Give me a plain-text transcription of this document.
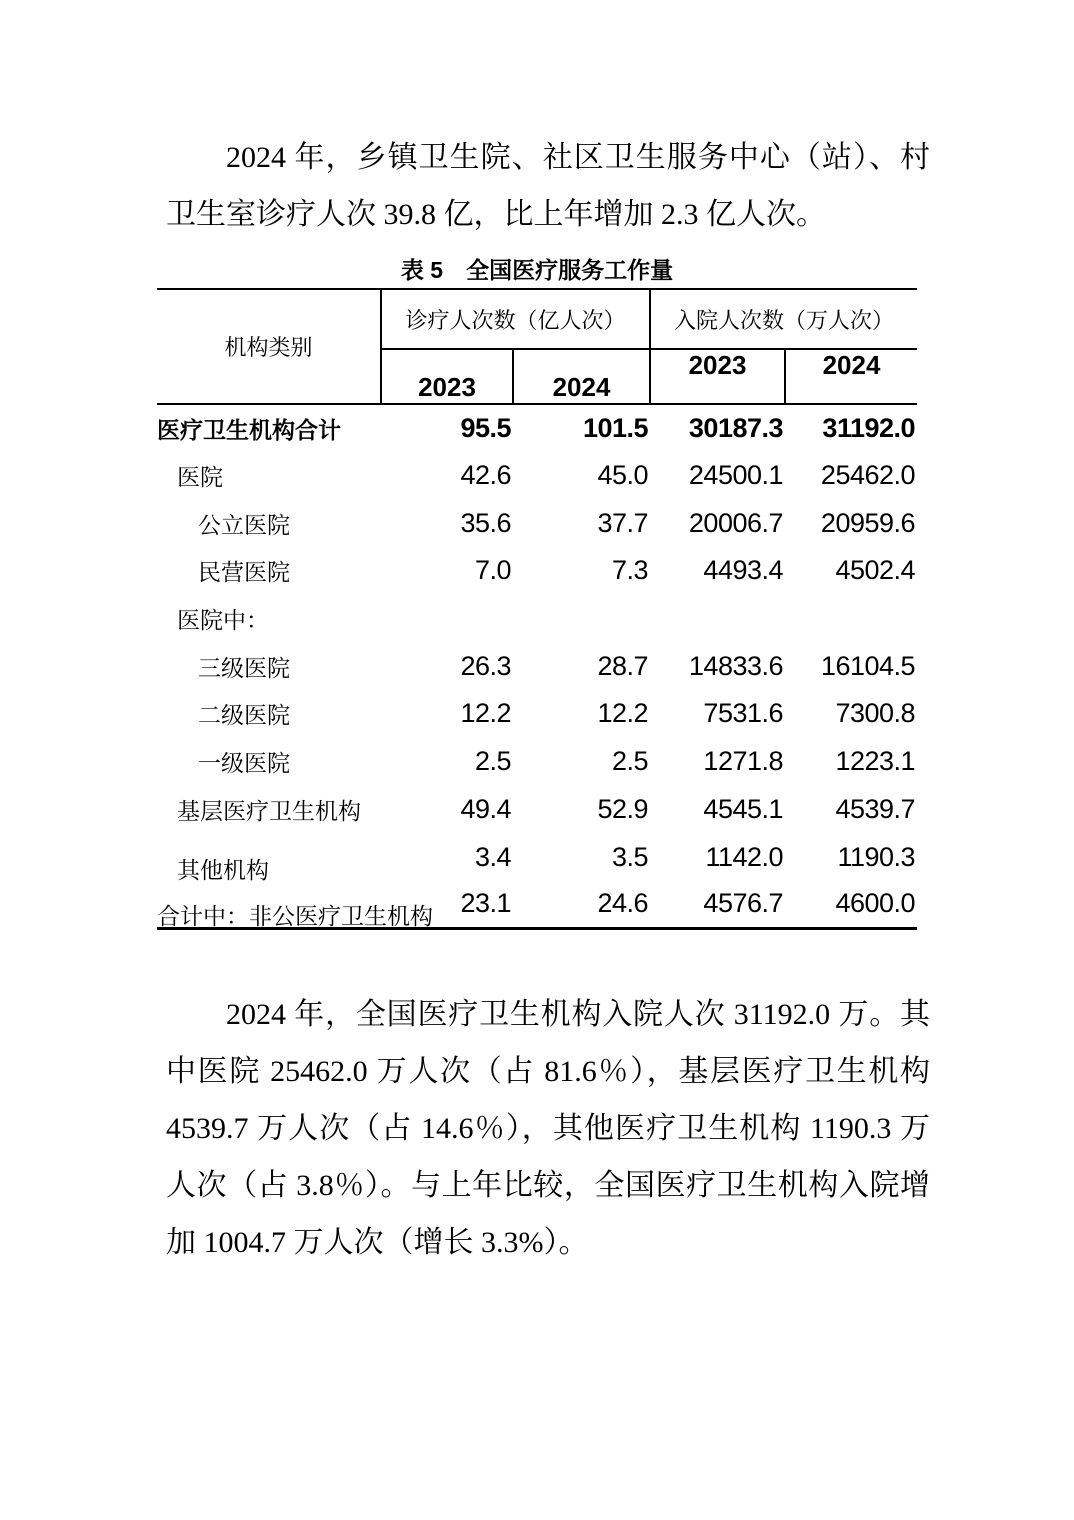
2024 年，乡镇卫生院、社区卫生服务中心（站）、村卫生室诊疗人次 39.8 亿，比上年增加 2.3 亿人次。

表 5　全国医疗服务工作量
机构类别	诊疗人次数（亿人次）		入院人次数（万人次）	
	2023	2024	2023	2024
医疗卫生机构合计	95.5	101.5	30187.3	31192.0
医院	42.6	45.0	24500.1	25462.0
公立医院	35.6	37.7	20006.7	20959.6
民营医院	7.0	7.3	4493.4	4502.4
医院中：				
三级医院	26.3	28.7	14833.6	16104.5
二级医院	12.2	12.2	7531.6	7300.8
一级医院	2.5	2.5	1271.8	1223.1
基层医疗卫生机构	49.4	52.9	4545.1	4539.7
其他机构	3.4	3.5	1142.0	1190.3
合计中：非公医疗卫生机构	23.1	24.6	4576.7	4600.0

2024 年，全国医疗卫生机构入院人次 31192.0 万。其中医院 25462.0 万人次（占 81.6％），基层医疗卫生机构 4539.7 万人次（占 14.6％），其他医疗卫生机构 1190.3 万人次（占 3.8％）。与上年比较，全国医疗卫生机构入院增加 1004.7 万人次（增长 3.3%）。
